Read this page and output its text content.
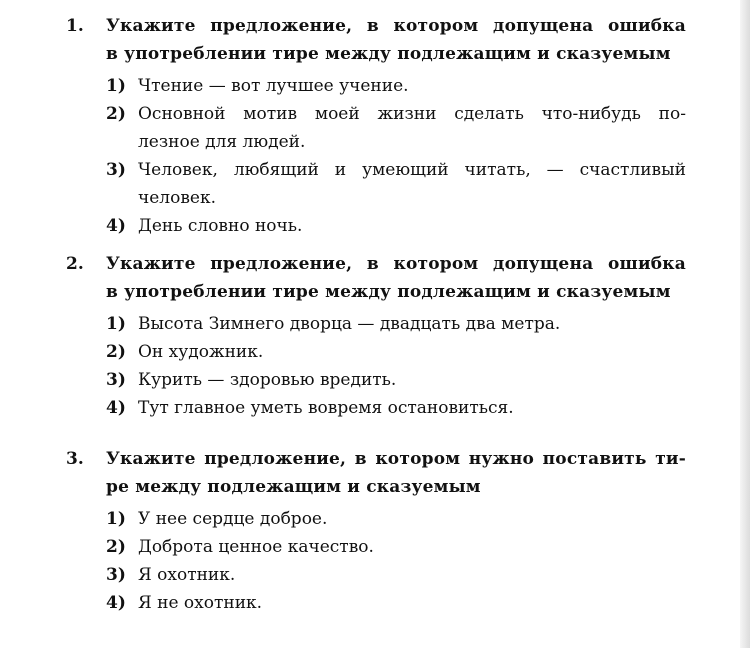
1. Укажите предложение, в котором допущена ошибка
в употреблении тире между подлежащим и сказуемым
1) Чтение — вот лучшее учение.
2) Основной мотив моей жизни сделать что-нибудь по-
лезное для людей.
3) Человек, любящий и умеющий читать, — счастливый
человек.
4) День словно ночь.
2. Укажите предложение, в котором допущена ошибка
в употреблении тире между подлежащим и сказуемым
1) Высота Зимнего дворца — двадцать два метра.
2) Он художник.
3) Курить — здоровью вредить.
4) Тут главное уметь вовремя остановиться.
3. Укажите предложение, в котором нужно поставить ти-
ре между подлежащим и сказуемым
1) У нее сердце доброе.
2) Доброта ценное качество.
3) Я охотник.
4) Я не охотник.
